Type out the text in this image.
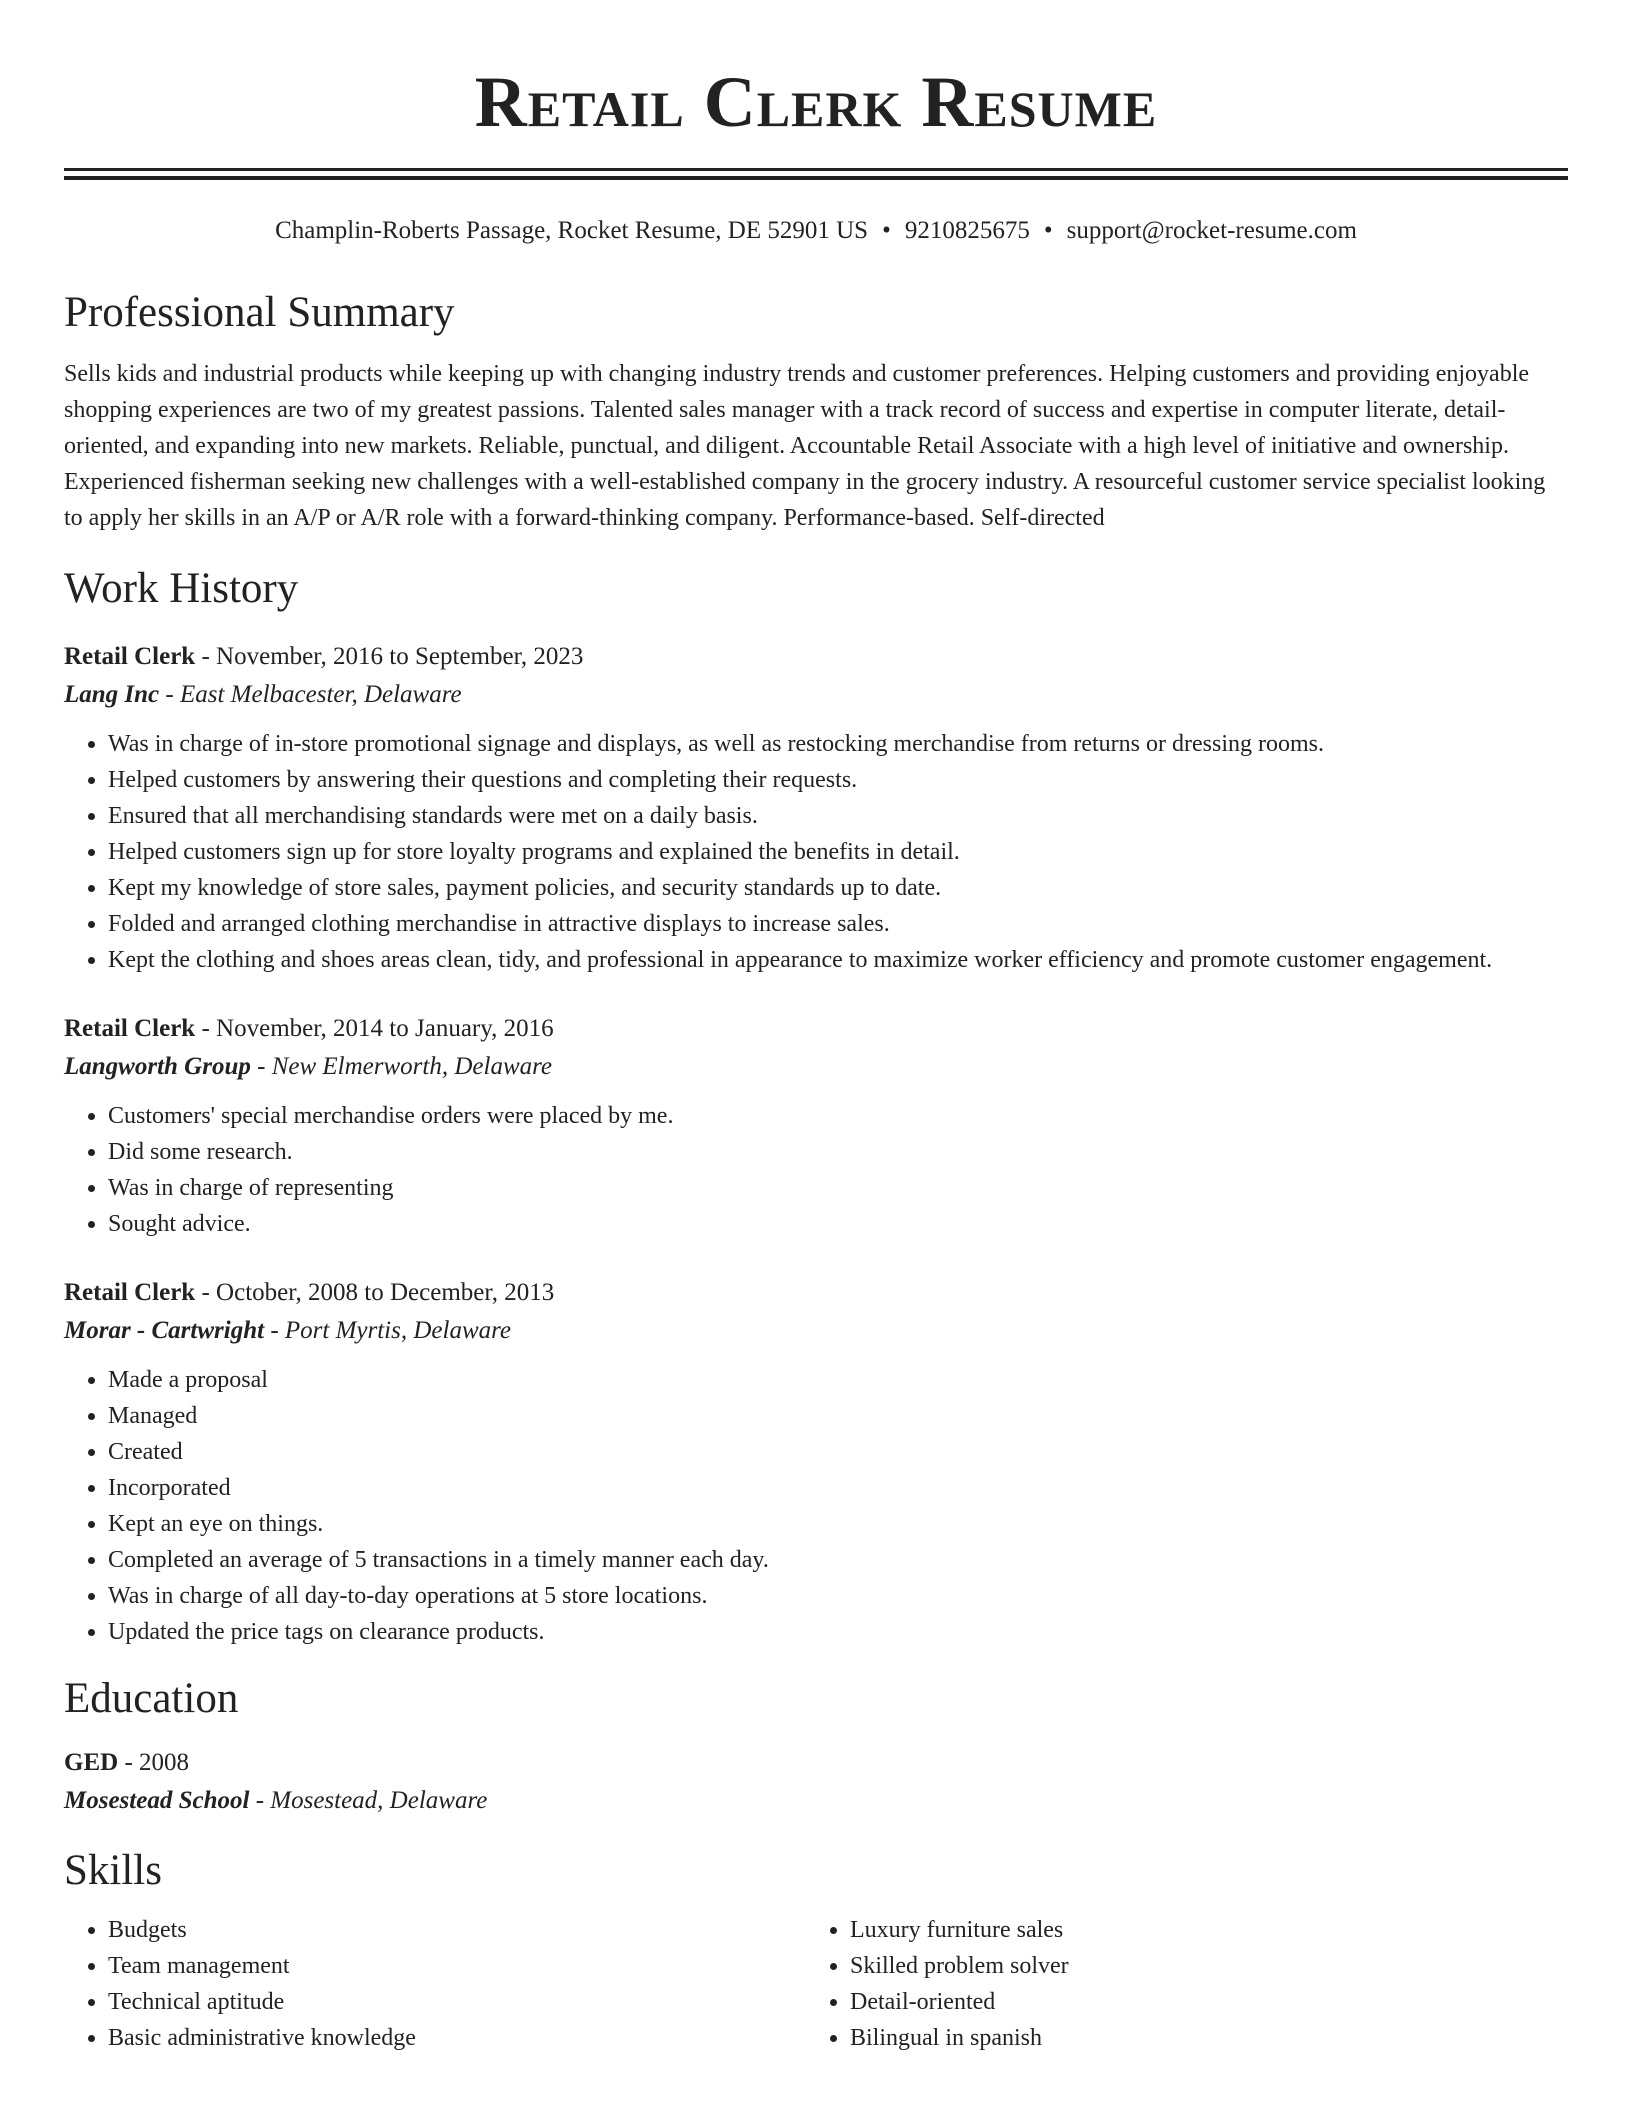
Retail Clerk Resume
Champlin-Roberts Passage, Rocket Resume, DE 52901 US • 9210825675 • support@rocket-resume.com
Professional Summary

Sells kids and industrial products while keeping up with changing industry trends and customer preferences. Helping customers and providing enjoyable shopping experiences are two of my greatest passions. Talented sales manager with a track record of success and expertise in computer literate, detail-oriented, and expanding into new markets. Reliable, punctual, and diligent. Accountable Retail Associate with a high level of initiative and ownership. Experienced fisherman seeking new challenges with a well-established company in the grocery industry. A resourceful customer service specialist looking to apply her skills in an A/P or A/R role with a forward-thinking company. Performance-based. Self-directed

Work History
Retail Clerk - November, 2016 to September, 2023
Lang Inc - East Melbacester, Delaware
• Was in charge of in-store promotional signage and displays, as well as restocking merchandise from returns or dressing rooms.
• Helped customers by answering their questions and completing their requests.
• Ensured that all merchandising standards were met on a daily basis.
• Helped customers sign up for store loyalty programs and explained the benefits in detail.
• Kept my knowledge of store sales, payment policies, and security standards up to date.
• Folded and arranged clothing merchandise in attractive displays to increase sales.
• Kept the clothing and shoes areas clean, tidy, and professional in appearance to maximize worker efficiency and promote customer engagement.
Retail Clerk - November, 2014 to January, 2016
Langworth Group - New Elmerworth, Delaware
• Customers' special merchandise orders were placed by me.
• Did some research.
• Was in charge of representing
• Sought advice.
Retail Clerk - October, 2008 to December, 2013
Morar - Cartwright - Port Myrtis, Delaware
• Made a proposal
• Managed
• Created
• Incorporated
• Kept an eye on things.
• Completed an average of 5 transactions in a timely manner each day.
• Was in charge of all day-to-day operations at 5 store locations.
• Updated the price tags on clearance products.
Education
GED - 2008
Mosestead School - Mosestead, Delaware
Skills
• Budgets
• Team management
• Technical aptitude
• Basic administrative knowledge
• Luxury furniture sales
• Skilled problem solver
• Detail-oriented
• Bilingual in spanish
